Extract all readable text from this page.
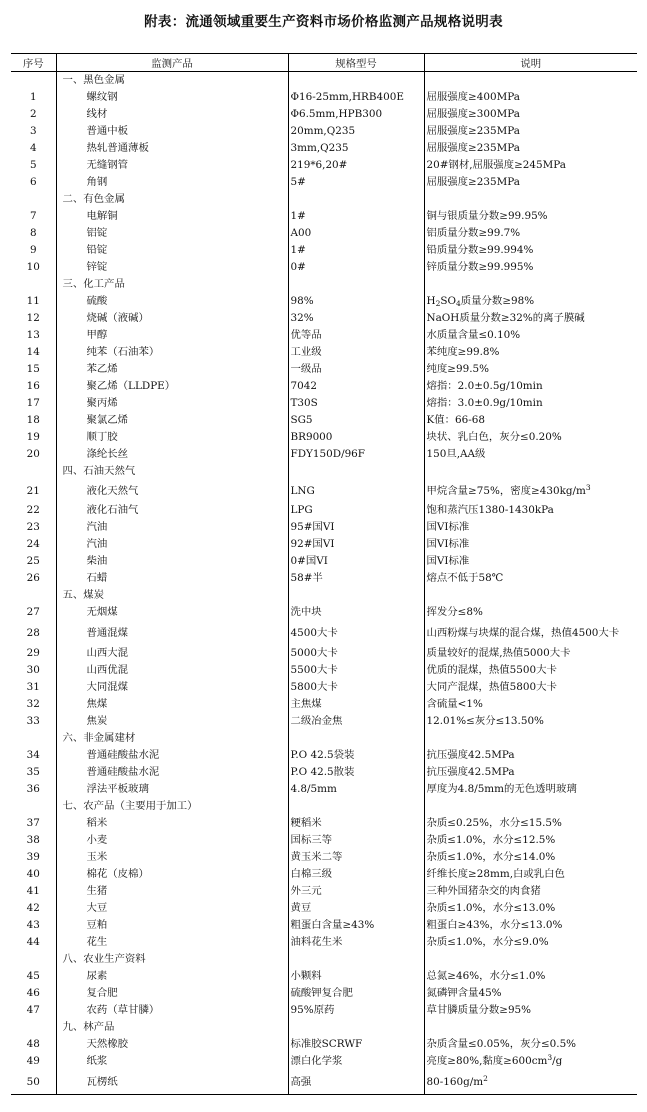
附表：流通领域重要生产资料市场价格监测产品规格说明表
序号	监测产品	规格型号	说明
	一、黑色金属		
1	螺纹钢	Φ16-25mm,HRB400E	屈服强度≥400MPa
2	线材	Φ6.5mm,HPB300	屈服强度≥300MPa
3	普通中板	20mm,Q235	屈服强度≥235MPa
4	热轧普通薄板	3mm,Q235	屈服强度≥235MPa
5	无缝钢管	219*6,20#	20#钢材,屈服强度≥245MPa
6	角钢	5#	屈服强度≥235MPa
	二、有色金属		
7	电解铜	1#	铜与银质量分数≥99.95%
8	铝锭	A00	铝质量分数≥99.7%
9	铅锭	1#	铅质量分数≥99.994%
10	锌锭	0#	锌质量分数≥99.995%
	三、化工产品		
11	硫酸	98%	$H_2SO_4$质量分数≥98%
12	烧碱（液碱）	32%	NaOH质量分数≥32%的离子膜碱
13	甲醇	优等品	水质量含量≤0.10%
14	纯苯（石油苯）	工业级	苯纯度≥99.8%
15	苯乙烯	一级品	纯度≥99.5%
16	聚乙烯（LLDPE）	7042	熔指：2.0±0.5g/10min
17	聚丙烯	T30S	熔指：3.0±0.9g/10min
18	聚氯乙烯	SG5	K值：66-68
19	顺丁胶	BR9000	块状、乳白色，灰分≤0.20%
20	涤纶长丝	FDY150D/96F	150旦,AA级
	四、石油天然气		
21	液化天然气	LNG	甲烷含量≥75%，密度$\ge 430kg/m^3$
22	液化石油气	LPG	饱和蒸汽压1380-1430kPa
23	汽油	95#国VI	国VI标准
24	汽油	92#国VI	国VI标准
25	柴油	0#国VI	国VI标准
26	石蜡	58#半	熔点不低于58℃
	五、煤炭		
27	无烟煤	洗中块	挥发分≤8%
28	普通混煤	4500大卡	山西粉煤与块煤的混合煤，热值4500大卡
29	山西大混	5000大卡	质量较好的混煤,热值5000大卡
30	山西优混	5500大卡	优质的混煤，热值5500大卡
31	大同混煤	5800大卡	大同产混煤，热值5800大卡
32	焦煤	主焦煤	含硫量<1%
33	焦炭	二级冶金焦	12.01%≤灰分≤13.50%
	六、非金属建材		
34	普通硅酸盐水泥	P.O 42.5袋装	抗压强度42.5MPa
35	普通硅酸盐水泥	P.O 42.5散装	抗压强度42.5MPa
36	浮法平板玻璃	4.8/5mm	厚度为4.8/5mm的无色透明玻璃
	七、农产品（主要用于加工）		
37	稻米	粳稻米	杂质≤0.25%，水分≤15.5%
38	小麦	国标三等	杂质≤1.0%，水分≤12.5%
39	玉米	黄玉米二等	杂质≤1.0%，水分≤14.0%
40	棉花（皮棉）	白棉三级	纤维长度≥28mm,白或乳白色
41	生猪	外三元	三种外国猪杂交的肉食猪
42	大豆	黄豆	杂质≤1.0%，水分≤13.0%
43	豆粕	粗蛋白含量≥43%	粗蛋白≥43%，水分≤13.0%
44	花生	油料花生米	杂质≤1.0%，水分≤9.0%
	八、农业生产资料		
45	尿素	小颗料	总氮≥46%，水分≤1.0%
46	复合肥	硫酸钾复合肥	氮磷钾含量45%
47	农药（草甘膦）	95%原药	草甘膦质量分数≥95%
	九、林产品		
48	天然橡胶	标准胶SCRWF	杂质含量≤0.05%，灰分≤0.5%
49	纸浆	漂白化学浆	亮度≥80%,黏度$\ge 600cm^3/g$
50	瓦楞纸	高强	$80-160g/m^2$
